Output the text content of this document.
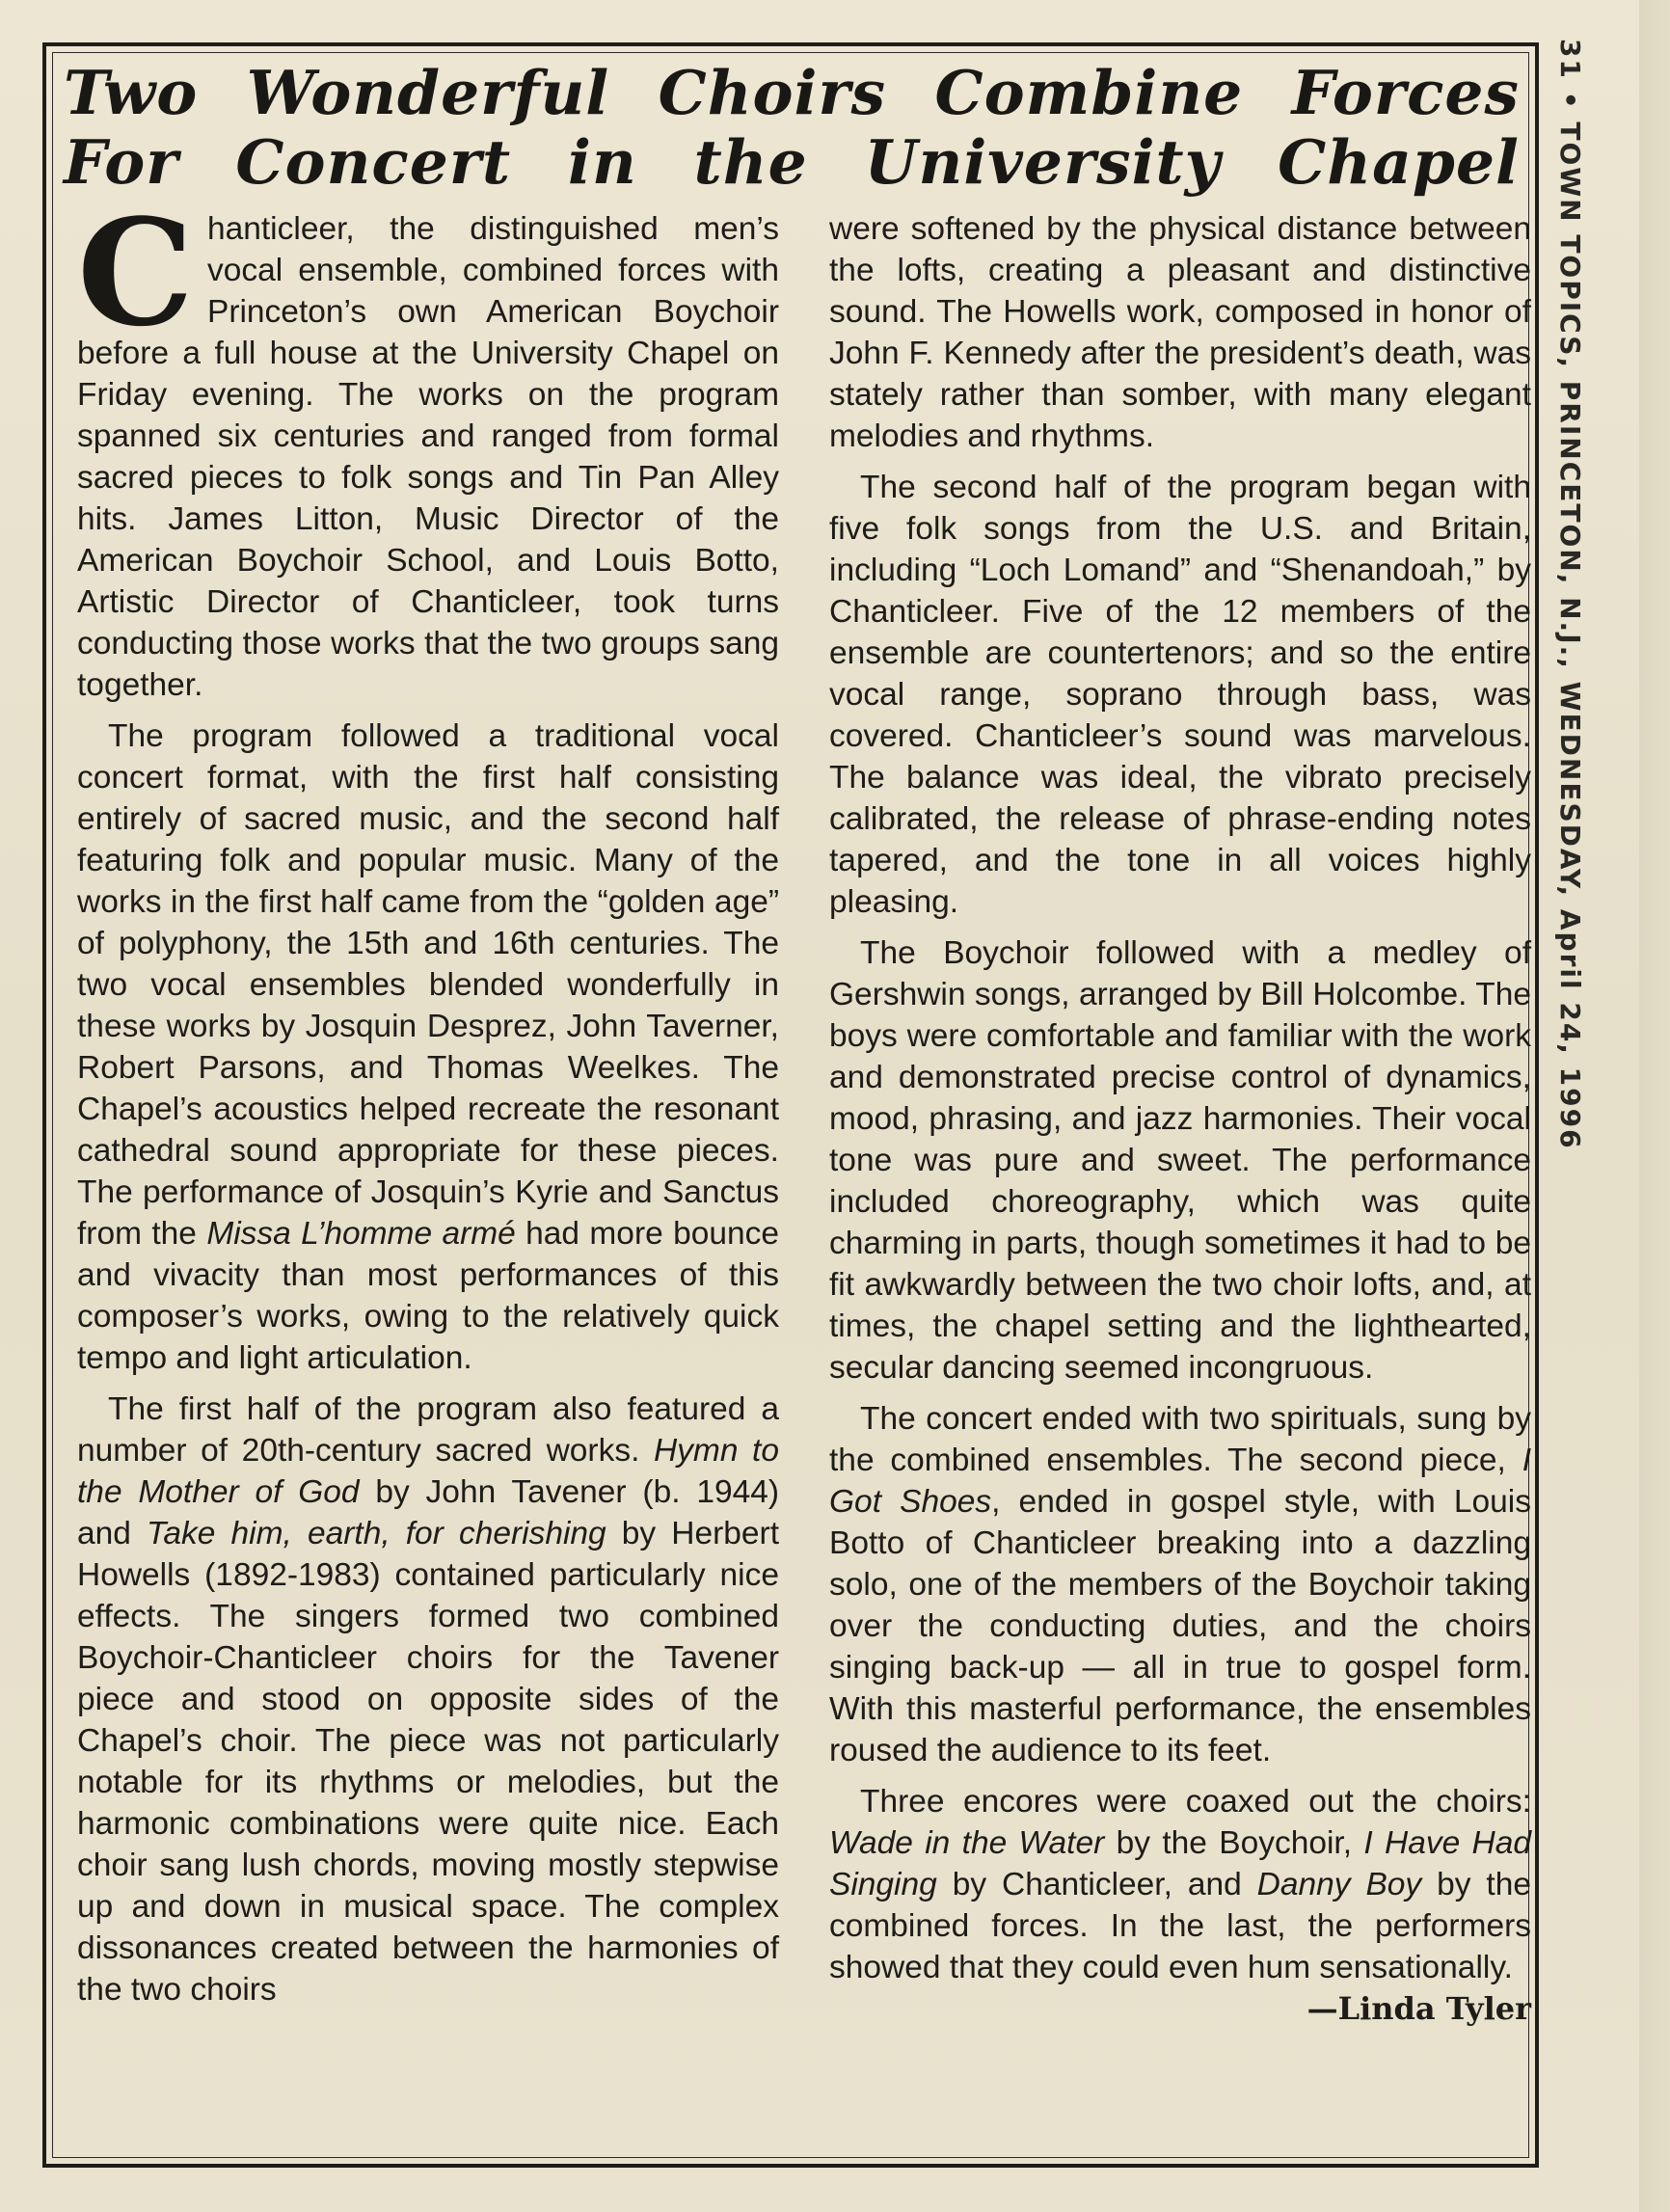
Two Wonderful Choirs Combine Forces
For Concert in the University Chapel

Chanticleer, the distinguished men’s vocal ensemble, combined forces with Princeton’s own American Boychoir before a full house at the University Chapel on Friday evening. The works on the program spanned six centuries and ranged from formal sacred pieces to folk songs and Tin Pan Alley hits. James Litton, Music Director of the American Boychoir School, and Louis Botto, Artistic Director of Chanticleer, took turns conducting those works that the two groups sang together.

The program followed a traditional vocal concert format, with the first half consisting entirely of sacred music, and the second half featuring folk and popular music. Many of the works in the first half came from the “golden age” of polyphony, the 15th and 16th centuries. The two vocal ensembles blended wonderfully in these works by Josquin Desprez, John Taverner, Robert Parsons, and Thomas Weelkes. The Chapel’s acoustics helped recreate the resonant cathedral sound appropriate for these pieces. The performance of Josquin’s Kyrie and Sanctus from the Missa L’homme armé had more bounce and vivacity than most performances of this composer’s works, owing to the relatively quick tempo and light articulation.

The first half of the program also featured a number of 20th-century sacred works. Hymn to the Mother of God by John Tavener (b. 1944) and Take him, earth, for cherishing by Herbert Howells (1892-1983) contained particularly nice effects. The singers formed two combined Boychoir-Chanticleer choirs for the Tavener piece and stood on opposite sides of the Chapel’s choir. The piece was not particularly notable for its rhythms or melodies, but the harmonic combinations were quite nice. Each choir sang lush chords, moving mostly stepwise up and down in musical space. The complex dissonances created between the harmonies of the two choirs

were softened by the physical distance between the lofts, creating a pleasant and distinctive sound. The Howells work, composed in honor of John F. Kennedy after the president’s death, was stately rather than somber, with many elegant melodies and rhythms.

The second half of the program began with five folk songs from the U.S. and Britain, including “Loch Lomand” and “Shenandoah,” by Chanticleer. Five of the 12 members of the ensemble are countertenors; and so the entire vocal range, soprano through bass, was covered. Chanticleer’s sound was marvelous. The balance was ideal, the vibrato precisely calibrated, the release of phrase-ending notes tapered, and the tone in all voices highly pleasing.

The Boychoir followed with a medley of Gershwin songs, arranged by Bill Holcombe. The boys were comfortable and familiar with the work and demonstrated precise control of dynamics, mood, phrasing, and jazz harmonies. Their vocal tone was pure and sweet. The performance included choreography, which was quite charming in parts, though sometimes it had to be fit awkwardly between the two choir lofts, and, at times, the chapel setting and the lighthearted, secular dancing seemed incongruous.

The concert ended with two spirituals, sung by the combined ensembles. The second piece, I Got Shoes, ended in gospel style, with Louis Botto of Chanticleer breaking into a dazzling solo, one of the members of the Boychoir taking over the conducting duties, and the choirs singing back-up — all in true to gospel form. With this masterful performance, the ensembles roused the audience to its feet.

Three encores were coaxed out the choirs: Wade in the Water by the Boychoir, I Have Had Singing by Chanticleer, and Danny Boy by the combined forces. In the last, the performers showed that they could even hum sensationally.
—Linda Tyler

31 • TOWN TOPICS, PRINCETON, N.J., WEDNESDAY, April 24, 1996
